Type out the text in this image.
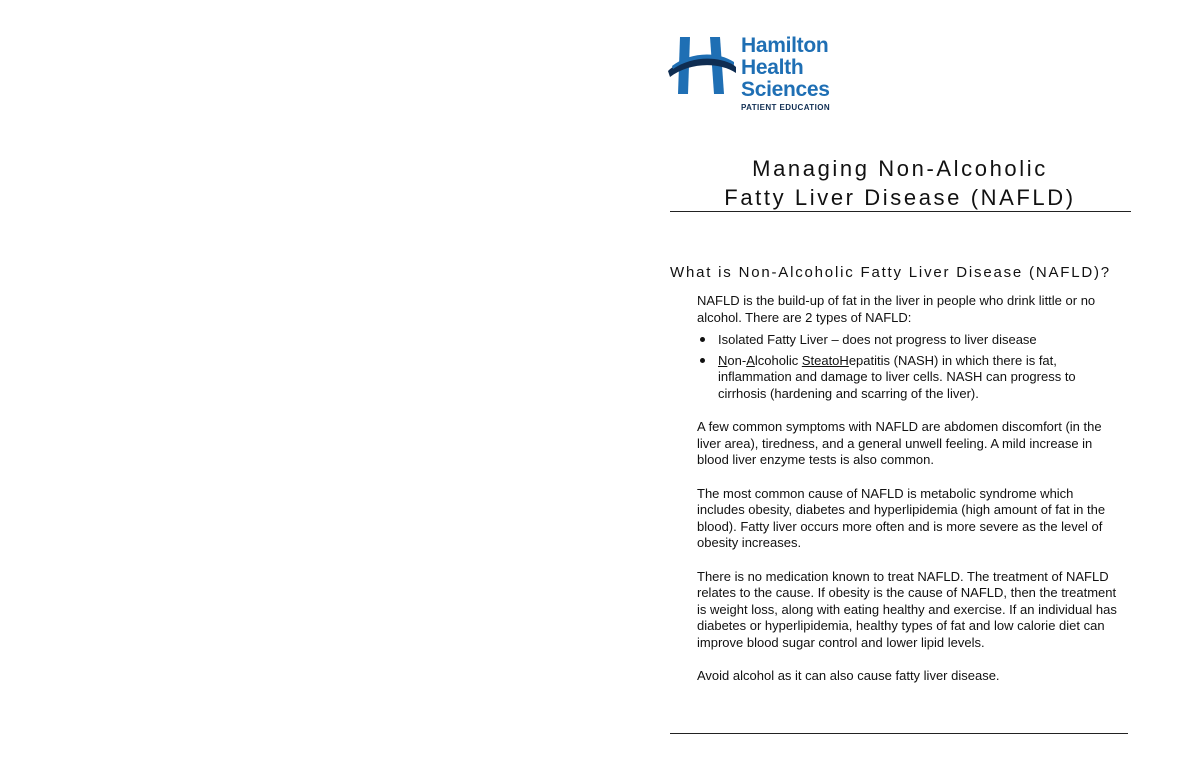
Hamilton
Health
Sciences
PATIENT EDUCATION
Managing Non-Alcoholic
Fatty Liver Disease (NAFLD)
What is Non-Alcoholic Fatty Liver Disease (NAFLD)?

NAFLD is the build-up of fat in the liver in people who drink little or no alcohol. There are 2 types of NAFLD:

Isolated Fatty Liver – does not progress to liver disease
Non-Alcoholic SteatoHepatitis (NASH) in which there is fat, inflammation and damage to liver cells. NASH can progress to cirrhosis (hardening and scarring of the liver).

A few common symptoms with NAFLD are abdomen discomfort (in the liver area), tiredness, and a general unwell feeling. A mild increase in blood liver enzyme tests is also common.

The most common cause of NAFLD is metabolic syndrome which includes obesity, diabetes and hyperlipidemia (high amount of fat in the blood). Fatty liver occurs more often and is more severe as the level of obesity increases.

There is no medication known to treat NAFLD. The treatment of NAFLD relates to the cause. If obesity is the cause of NAFLD, then the treatment is weight loss, along with eating healthy and exercise. If an individual has diabetes or hyperlipidemia, healthy types of fat and low calorie diet can improve blood sugar control and lower lipid levels.

Avoid alcohol as it can also cause fatty liver disease.
